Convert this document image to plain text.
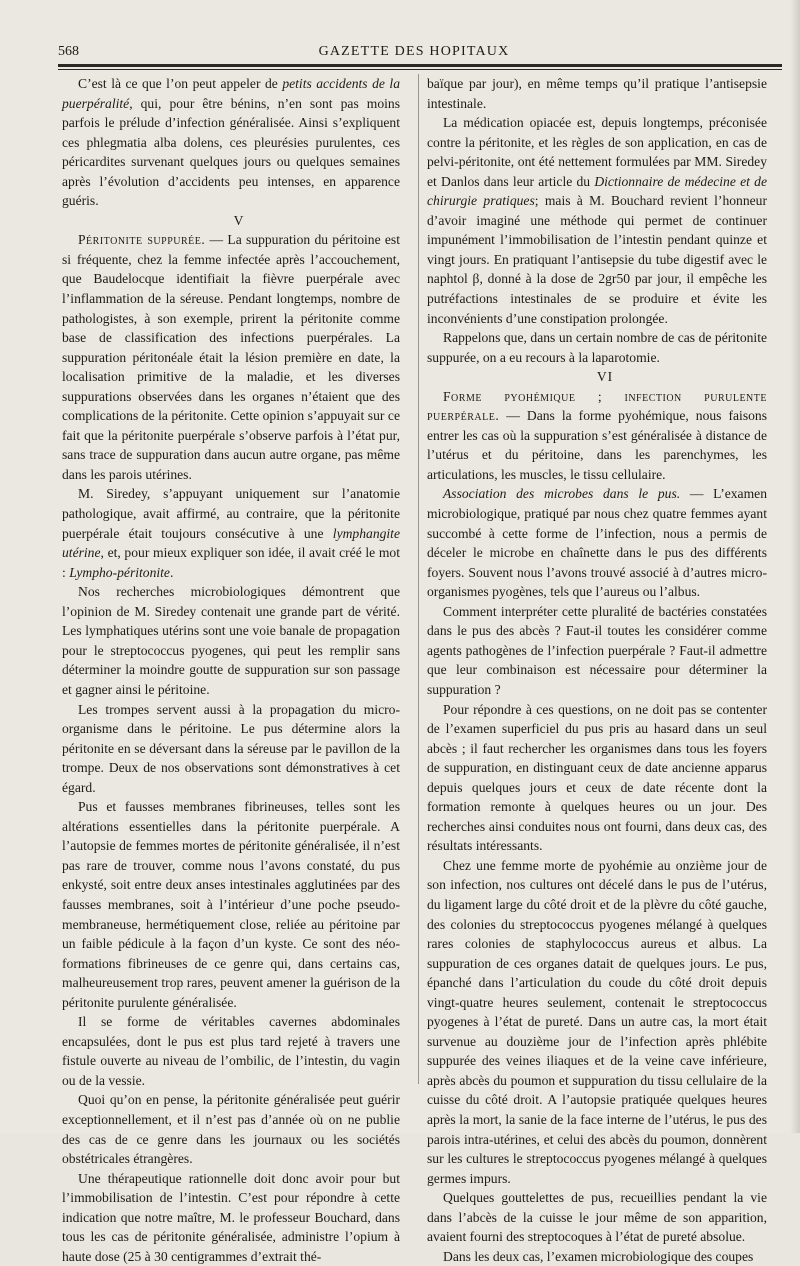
568	GAZETTE DES HOPITAUX

C’est là ce que l’on peut appeler de petits accidents de la puerpéralité, qui, pour être bénins, n’en sont pas moins parfois le prélude d’infection généralisée. Ainsi s’expliquent ces phlegmatia alba dolens, ces pleurésies purulentes, ces péricardites survenant quelques jours ou quelques semaines après l’évolution d’accidents peu intenses, en apparence guéris.

V

Péritonite suppurée. — La suppuration du péritoine est si fréquente, chez la femme infectée après l’accouchement, que Baudelocque identifiait la fièvre puerpérale avec l’inflammation de la séreuse. Pendant longtemps, nombre de pathologistes, à son exemple, prirent la péritonite comme base de classification des infections puerpérales. La suppuration péritonéale était la lésion première en date, la localisation primitive de la maladie, et les diverses suppurations observées dans les organes n’étaient que des complications de la péritonite. Cette opinion s’appuyait sur ce fait que la péritonite puerpérale s’observe parfois à l’état pur, sans trace de suppuration dans aucun autre organe, pas même dans les parois utérines.

M. Siredey, s’appuyant uniquement sur l’anatomie pathologique, avait affirmé, au contraire, que la péritonite puerpérale était toujours consécutive à une lymphangite utérine, et, pour mieux expliquer son idée, il avait créé le mot : Lympho-péritonite.

Nos recherches microbiologiques démontrent que l’opinion de M. Siredey contenait une grande part de vérité. Les lymphatiques utérins sont une voie banale de propagation pour le streptococcus pyogenes, qui peut les remplir sans déterminer la moindre goutte de suppuration sur son passage et gagner ainsi le péritoine.

Les trompes servent aussi à la propagation du micro-organisme dans le péritoine. Le pus détermine alors la péritonite en se déversant dans la séreuse par le pavillon de la trompe. Deux de nos observations sont démonstratives à cet égard.

Pus et fausses membranes fibrineuses, telles sont les altérations essentielles dans la péritonite puerpérale. A l’autopsie de femmes mortes de péritonite généralisée, il n’est pas rare de trouver, comme nous l’avons constaté, du pus enkysté, soit entre deux anses intestinales agglutinées par des fausses membranes, soit à l’intérieur d’une poche pseudo-membraneuse, hermétiquement close, reliée au péritoine par un faible pédicule à la façon d’un kyste. Ce sont des néo-formations fibrineuses de ce genre qui, dans certains cas, malheureusement trop rares, peuvent amener la guérison de la péritonite purulente généralisée.

Il se forme de véritables cavernes abdominales encapsulées, dont le pus est plus tard rejeté à travers une fistule ouverte au niveau de l’ombilic, de l’intestin, du vagin ou de la vessie.

Quoi qu’on en pense, la péritonite généralisée peut guérir exceptionnellement, et il n’est pas d’année où on ne publie des cas de ce genre dans les journaux ou les sociétés obstétricales étrangères.

Une thérapeutique rationnelle doit donc avoir pour but l’immobilisation de l’intestin. C’est pour répondre à cette indication que notre maître, M. le professeur Bouchard, dans tous les cas de péritonite généralisée, administre l’opium à haute dose (25 à 30 centigrammes d’extrait thé-

baïque par jour), en même temps qu’il pratique l’antisepsie intestinale.

La médication opiacée est, depuis longtemps, préconisée contre la péritonite, et les règles de son application, en cas de pelvi-péritonite, ont été nettement formulées par MM. Siredey et Danlos dans leur article du Dictionnaire de médecine et de chirurgie pratiques; mais à M. Bouchard revient l’honneur d’avoir imaginé une méthode qui permet de continuer impunément l’immobilisation de l’intestin pendant quinze et vingt jours. En pratiquant l’antisepsie du tube digestif avec le naphtol β, donné à la dose de 2gr50 par jour, il empêche les putréfactions intestinales de se produire et évite les inconvénients d’une constipation prolongée.

Rappelons que, dans un certain nombre de cas de péritonite suppurée, on a eu recours à la laparotomie.

VI

Forme pyohémique ; infection purulente puerpérale. — Dans la forme pyohémique, nous faisons entrer les cas où la suppuration s’est généralisée à distance de l’utérus et du péritoine, dans les parenchymes, les articulations, les muscles, le tissu cellulaire.

Association des microbes dans le pus. — L’examen microbiologique, pratiqué par nous chez quatre femmes ayant succombé à cette forme de l’infection, nous a permis de déceler le microbe en chaînette dans le pus des différents foyers. Souvent nous l’avons trouvé associé à d’autres micro-organismes pyogènes, tels que l’aureus ou l’albus.

Comment interpréter cette pluralité de bactéries constatées dans le pus des abcès ? Faut-il toutes les considérer comme agents pathogènes de l’infection puerpérale ? Faut-il admettre que leur combinaison est nécessaire pour déterminer la suppuration ?

Pour répondre à ces questions, on ne doit pas se contenter de l’examen superficiel du pus pris au hasard dans un seul abcès ; il faut rechercher les organismes dans tous les foyers de suppuration, en distinguant ceux de date ancienne apparus depuis quelques jours et ceux de date récente dont la formation remonte à quelques heures ou un jour. Des recherches ainsi conduites nous ont fourni, dans deux cas, des résultats intéressants.

Chez une femme morte de pyohémie au onzième jour de son infection, nos cultures ont décelé dans le pus de l’utérus, du ligament large du côté droit et de la plèvre du côté gauche, des colonies du streptococcus pyogenes mélangé à quelques rares colonies de staphylococcus aureus et albus. La suppuration de ces organes datait de quelques jours. Le pus, épanché dans l’articulation du coude du côté droit depuis vingt-quatre heures seulement, contenait le streptococcus pyogenes à l’état de pureté. Dans un autre cas, la mort était survenue au douzième jour de l’infection après phlébite suppurée des veines iliaques et de la veine cave inférieure, après abcès du poumon et suppuration du tissu cellulaire de la cuisse du côté droit. A l’autopsie pratiquée quelques heures après la mort, la sanie de la face interne de l’utérus, le pus des parois intra-utérines, et celui des abcès du poumon, donnèrent sur les cultures le streptococcus pyogenes mélangé à quelques germes impurs.

Quelques gouttelettes de pus, recueillies pendant la vie dans l’abcès de la cuisse le jour même de son apparition, avaient fourni des streptocoques à l’état de pureté absolue.

Dans les deux cas, l’examen microbiologique des coupes
